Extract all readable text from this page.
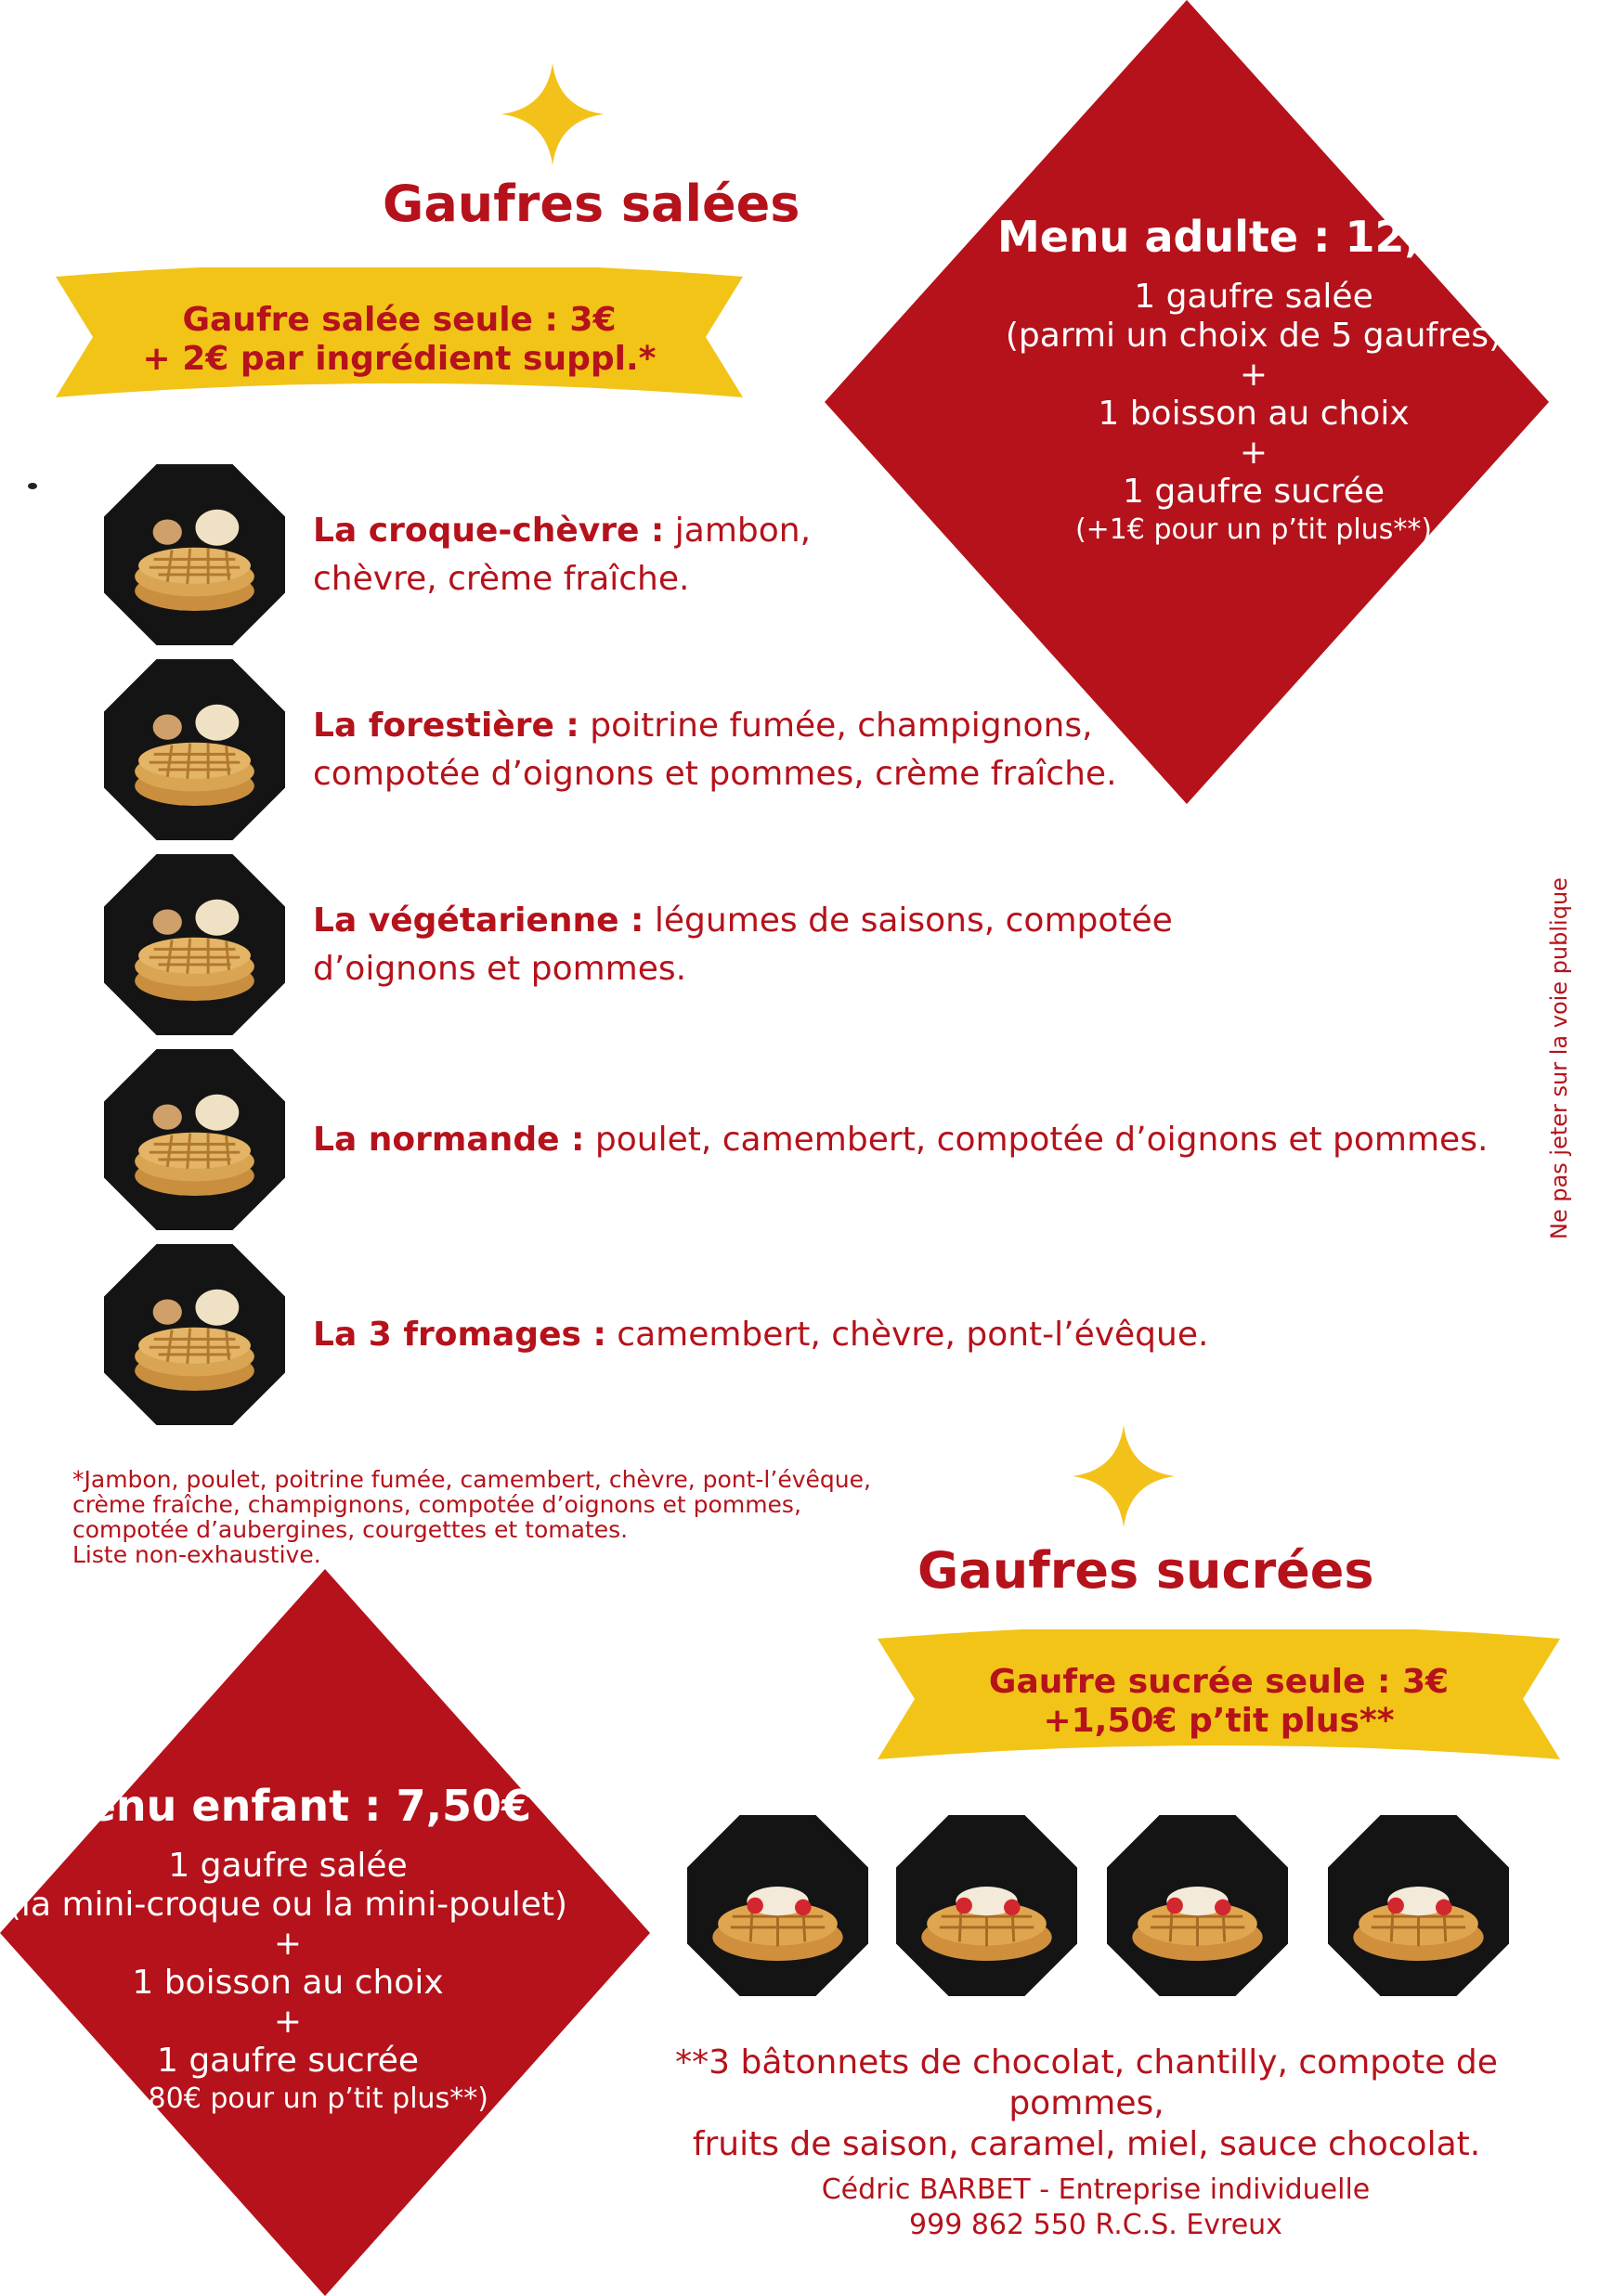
Gaufres salées
Gaufre salée seule : 3€
+ 2€ par ingrédient suppl.*
Menu adulte : 12,90€
1 gaufre salée
(parmi un choix de 5 gaufres)
+
1 boisson au choix
+
1 gaufre sucrée
(+1€ pour un p’tit plus**)
La croque-chèvre : jambon,
chèvre, crème fraîche.
La forestière : poitrine fumée, champignons,
compotée d’oignons et pommes, crème fraîche.
La végétarienne : légumes de saisons, compotée
d’oignons et pommes.
La normande : poulet, camembert, compotée d’oignons et pommes.
La 3 fromages : camembert, chèvre, pont-l’évêque.
*Jambon, poulet, poitrine fumée, camembert, chèvre, pont-l’évêque,
crème fraîche, champignons, compotée d’oignons et pommes,
compotée d’aubergines, courgettes et tomates.
Liste non-exhaustive.
Ne pas jeter sur la voie publique
Gaufres sucrées
Gaufre sucrée seule : 3€
+1,50€ p’tit plus**
Menu enfant : 7,50€
1 gaufre salée
(la mini-croque ou la mini-poulet)
+
1 boisson au choix
+
1 gaufre sucrée
(+0,80€ pour un p’tit plus**)
**3 bâtonnets de chocolat, chantilly, compote de pommes,
fruits de saison, caramel, miel, sauce chocolat.
Cédric BARBET - Entreprise individuelle
999 862 550 R.C.S. Evreux
